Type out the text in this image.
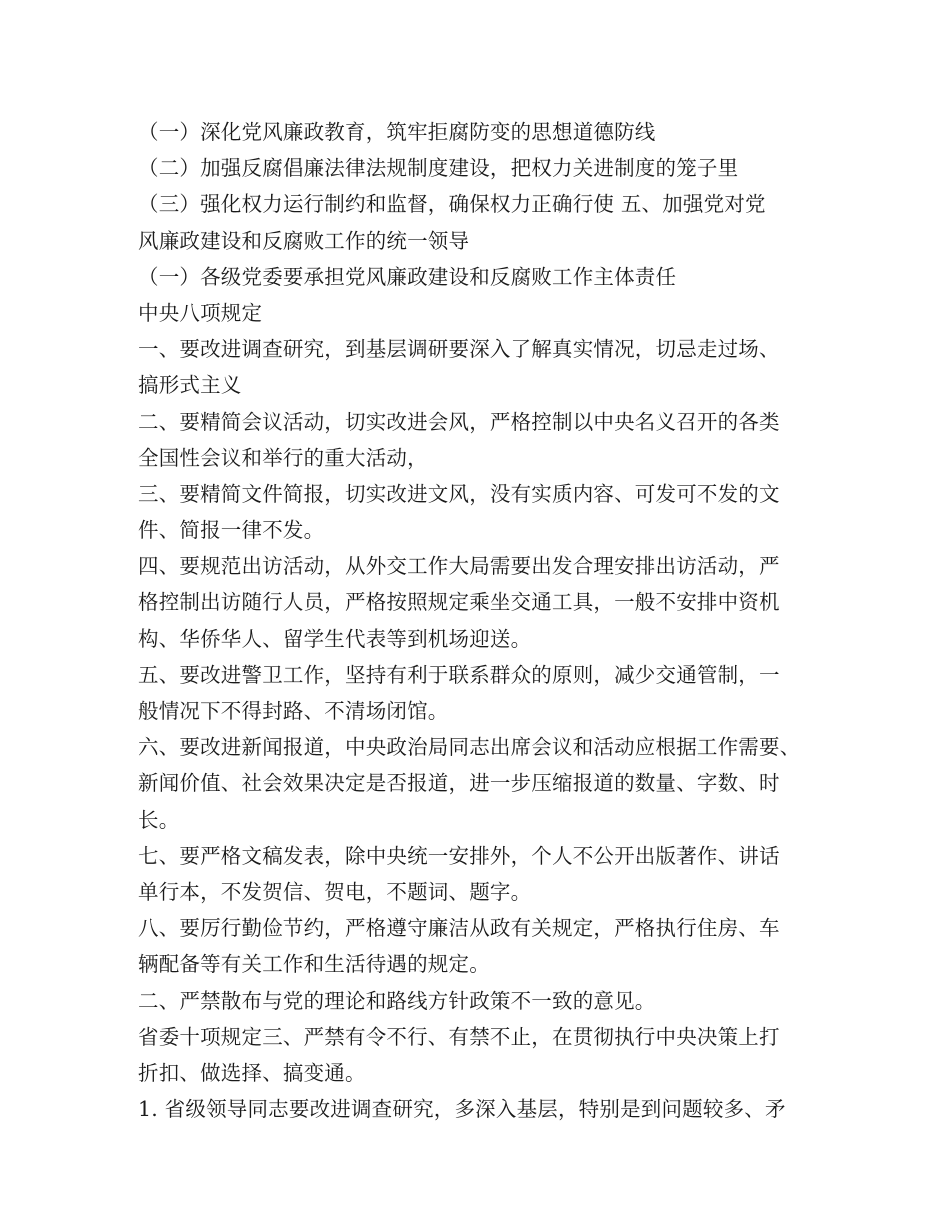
（一）深化党风廉政教育，筑牢拒腐防变的思想道德防线
（二）加强反腐倡廉法律法规制度建设，把权力关进制度的笼子里
（三）强化权力运行制约和监督，确保权力正确行使 五、加强党对党
风廉政建设和反腐败工作的统一领导
（一）各级党委要承担党风廉政建设和反腐败工作主体责任
中央八项规定
一、要改进调查研究，到基层调研要深入了解真实情况，切忌走过场、
搞形式主义
二、要精简会议活动，切实改进会风，严格控制以中央名义召开的各类
全国性会议和举行的重大活动，
三、要精简文件简报，切实改进文风，没有实质内容、可发可不发的文
件、简报一律不发。
四、要规范出访活动，从外交工作大局需要出发合理安排出访活动，严
格控制出访随行人员，严格按照规定乘坐交通工具，一般不安排中资机
构、华侨华人、留学生代表等到机场迎送。
五、要改进警卫工作，坚持有利于联系群众的原则，减少交通管制，一
般情况下不得封路、不清场闭馆。
六、要改进新闻报道，中央政治局同志出席会议和活动应根据工作需要、
新闻价值、社会效果决定是否报道，进一步压缩报道的数量、字数、时
长。
七、要严格文稿发表，除中央统一安排外，个人不公开出版著作、讲话
单行本，不发贺信、贺电，不题词、题字。
八、要厉行勤俭节约，严格遵守廉洁从政有关规定，严格执行住房、车
辆配备等有关工作和生活待遇的规定。
二、严禁散布与党的理论和路线方针政策不一致的意见。
省委十项规定三、严禁有令不行、有禁不止，在贯彻执行中央决策上打
折扣、做选择、搞变通。
1. 省级领导同志要改进调查研究，多深入基层，特别是到问题较多、矛
